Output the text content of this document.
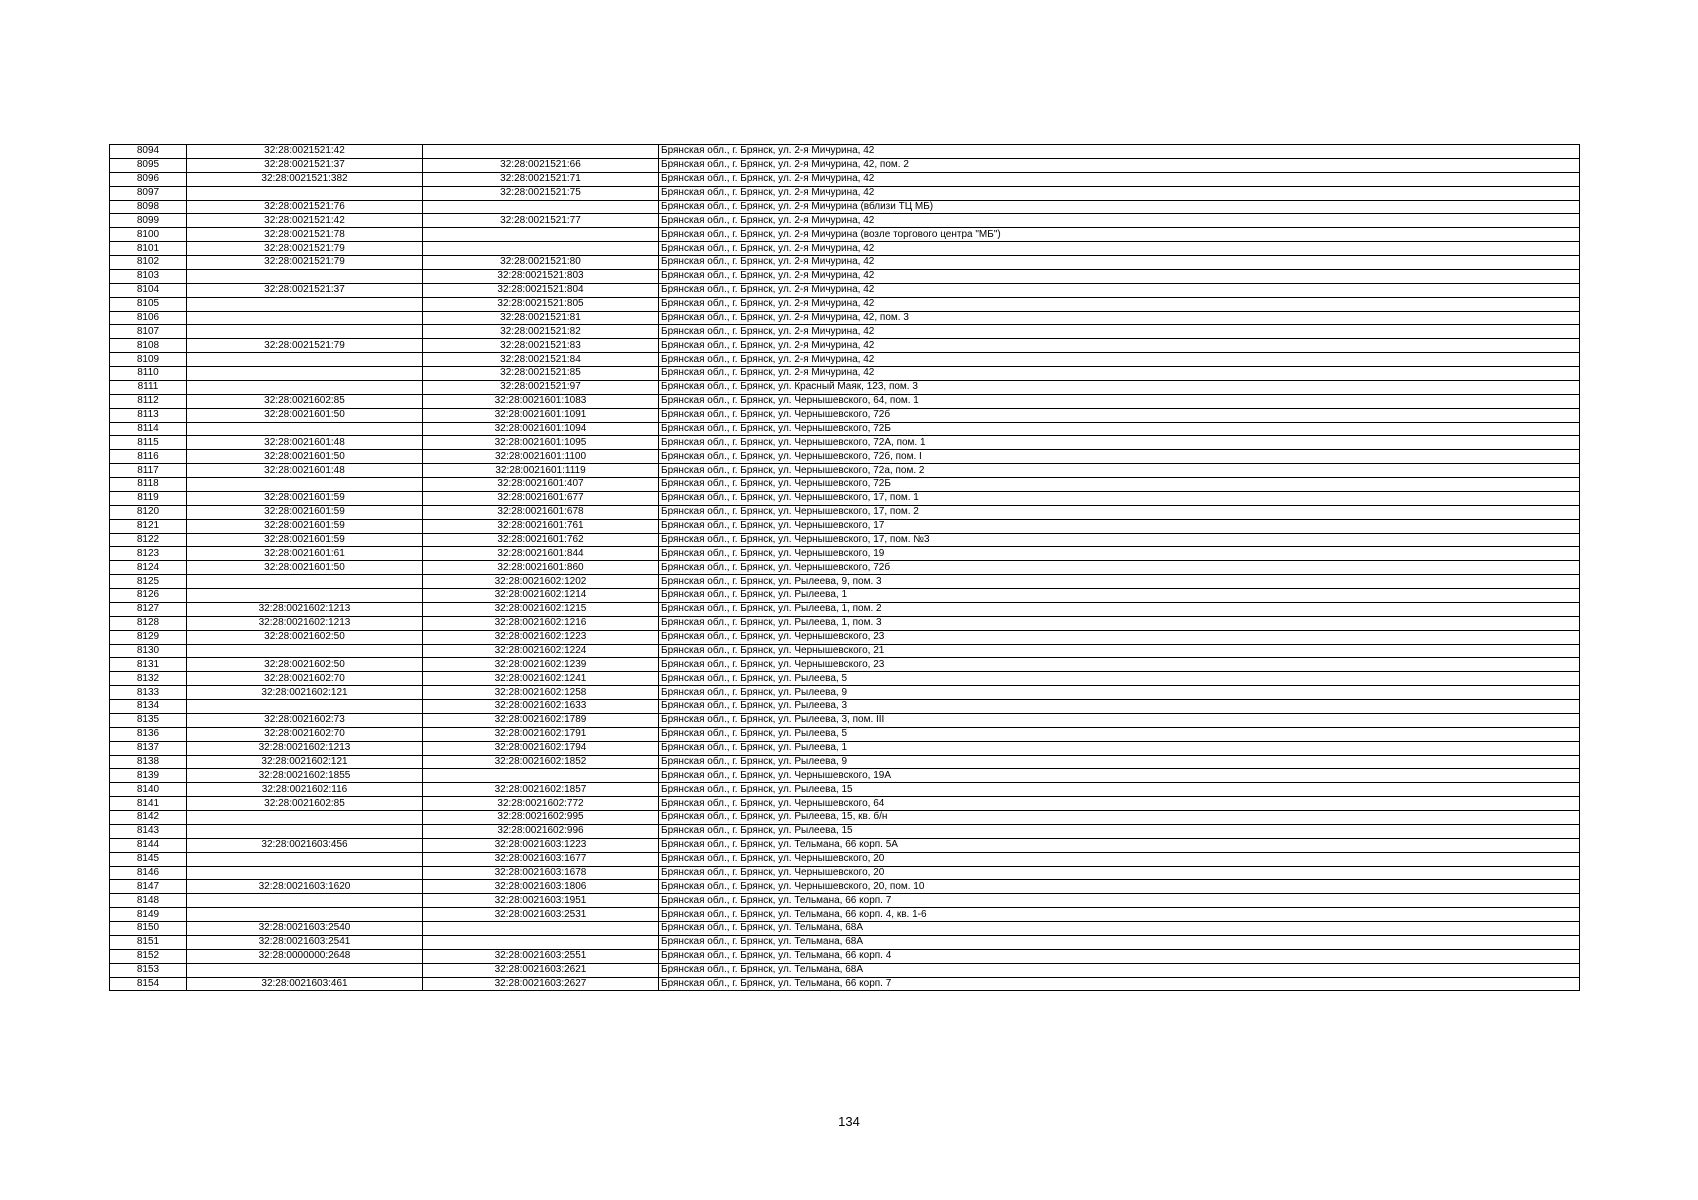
8094	32:28:0021521:42		Брянская обл., г. Брянск, ул. 2-я Мичурина, 42
8095	32:28:0021521:37	32:28:0021521:66	Брянская обл., г. Брянск, ул. 2-я Мичурина, 42, пом. 2
8096	32:28:0021521:382	32:28:0021521:71	Брянская обл., г. Брянск, ул. 2-я Мичурина, 42
8097		32:28:0021521:75	Брянская обл., г. Брянск, ул. 2-я Мичурина, 42
8098	32:28:0021521:76		Брянская обл., г. Брянск, ул. 2-я Мичурина (вблизи ТЦ МБ)
8099	32:28:0021521:42	32:28:0021521:77	Брянская обл., г. Брянск, ул. 2-я Мичурина, 42
8100	32:28:0021521:78		Брянская обл., г. Брянск, ул. 2-я Мичурина (возле торгового центра "МБ")
8101	32:28:0021521:79		Брянская обл., г. Брянск, ул. 2-я Мичурина, 42
8102	32:28:0021521:79	32:28:0021521:80	Брянская обл., г. Брянск, ул. 2-я Мичурина, 42
8103		32:28:0021521:803	Брянская обл., г. Брянск, ул. 2-я Мичурина, 42
8104	32:28:0021521:37	32:28:0021521:804	Брянская обл., г. Брянск, ул. 2-я Мичурина, 42
8105		32:28:0021521:805	Брянская обл., г. Брянск, ул. 2-я Мичурина, 42
8106		32:28:0021521:81	Брянская обл., г. Брянск, ул. 2-я Мичурина, 42, пом. 3
8107		32:28:0021521:82	Брянская обл., г. Брянск, ул. 2-я Мичурина, 42
8108	32:28:0021521:79	32:28:0021521:83	Брянская обл., г. Брянск, ул. 2-я Мичурина, 42
8109		32:28:0021521:84	Брянская обл., г. Брянск, ул. 2-я Мичурина, 42
8110		32:28:0021521:85	Брянская обл., г. Брянск, ул. 2-я Мичурина, 42
8111		32:28:0021521:97	Брянская обл., г. Брянск, ул. Красный Маяк, 123, пом. 3
8112	32:28:0021602:85	32:28:0021601:1083	Брянская обл., г. Брянск, ул. Чернышевского, 64, пом. 1
8113	32:28:0021601:50	32:28:0021601:1091	Брянская обл., г. Брянск, ул. Чернышевского, 72б
8114		32:28:0021601:1094	Брянская обл., г. Брянск, ул. Чернышевского, 72Б
8115	32:28:0021601:48	32:28:0021601:1095	Брянская обл., г. Брянск, ул. Чернышевского, 72А, пом. 1
8116	32:28:0021601:50	32:28:0021601:1100	Брянская обл., г. Брянск, ул. Чернышевского, 72б, пом. I
8117	32:28:0021601:48	32:28:0021601:1119	Брянская обл., г. Брянск, ул. Чернышевского, 72а, пом. 2
8118		32:28:0021601:407	Брянская обл., г. Брянск, ул. Чернышевского, 72Б
8119	32:28:0021601:59	32:28:0021601:677	Брянская обл., г. Брянск, ул. Чернышевского, 17, пом. 1
8120	32:28:0021601:59	32:28:0021601:678	Брянская обл., г. Брянск, ул. Чернышевского, 17, пом. 2
8121	32:28:0021601:59	32:28:0021601:761	Брянская обл., г. Брянск, ул. Чернышевского, 17
8122	32:28:0021601:59	32:28:0021601:762	Брянская обл., г. Брянск, ул. Чернышевского, 17, пом. №3
8123	32:28:0021601:61	32:28:0021601:844	Брянская обл., г. Брянск, ул. Чернышевского, 19
8124	32:28:0021601:50	32:28:0021601:860	Брянская обл., г. Брянск, ул. Чернышевского, 72б
8125		32:28:0021602:1202	Брянская обл., г. Брянск, ул. Рылеева, 9, пом. 3
8126		32:28:0021602:1214	Брянская обл., г. Брянск, ул. Рылеева, 1
8127	32:28:0021602:1213	32:28:0021602:1215	Брянская обл., г. Брянск, ул. Рылеева, 1, пом. 2
8128	32:28:0021602:1213	32:28:0021602:1216	Брянская обл., г. Брянск, ул. Рылеева, 1, пом. 3
8129	32:28:0021602:50	32:28:0021602:1223	Брянская обл., г. Брянск, ул. Чернышевского, 23
8130		32:28:0021602:1224	Брянская обл., г. Брянск, ул. Чернышевского, 21
8131	32:28:0021602:50	32:28:0021602:1239	Брянская обл., г. Брянск, ул. Чернышевского, 23
8132	32:28:0021602:70	32:28:0021602:1241	Брянская обл., г. Брянск, ул. Рылеева, 5
8133	32:28:0021602:121	32:28:0021602:1258	Брянская обл., г. Брянск, ул. Рылеева, 9
8134		32:28:0021602:1633	Брянская обл., г. Брянск, ул. Рылеева, 3
8135	32:28:0021602:73	32:28:0021602:1789	Брянская обл., г. Брянск, ул. Рылеева, 3, пом. III
8136	32:28:0021602:70	32:28:0021602:1791	Брянская обл., г. Брянск, ул. Рылеева, 5
8137	32:28:0021602:1213	32:28:0021602:1794	Брянская обл., г. Брянск, ул. Рылеева, 1
8138	32:28:0021602:121	32:28:0021602:1852	Брянская обл., г. Брянск, ул. Рылеева, 9
8139	32:28:0021602:1855		Брянская обл., г. Брянск, ул. Чернышевского, 19А
8140	32:28:0021602:116	32:28:0021602:1857	Брянская обл., г. Брянск, ул. Рылеева, 15
8141	32:28:0021602:85	32:28:0021602:772	Брянская обл., г. Брянск, ул. Чернышевского, 64
8142		32:28:0021602:995	Брянская обл., г. Брянск, ул. Рылеева, 15, кв. б/н
8143		32:28:0021602:996	Брянская обл., г. Брянск, ул. Рылеева, 15
8144	32:28:0021603:456	32:28:0021603:1223	Брянская обл., г. Брянск, ул. Тельмана, 66 корп. 5А
8145		32:28:0021603:1677	Брянская обл., г. Брянск, ул. Чернышевского, 20
8146		32:28:0021603:1678	Брянская обл., г. Брянск, ул. Чернышевского, 20
8147	32:28:0021603:1620	32:28:0021603:1806	Брянская обл., г. Брянск, ул. Чернышевского, 20, пом. 10
8148		32:28:0021603:1951	Брянская обл., г. Брянск, ул. Тельмана, 66 корп. 7
8149		32:28:0021603:2531	Брянская обл., г. Брянск, ул. Тельмана, 66 корп. 4, кв. 1-6
8150	32:28:0021603:2540		Брянская обл., г. Брянск, ул. Тельмана, 68А
8151	32:28:0021603:2541		Брянская обл., г. Брянск, ул. Тельмана, 68А
8152	32:28:0000000:2648	32:28:0021603:2551	Брянская обл., г. Брянск, ул. Тельмана, 66 корп. 4
8153		32:28:0021603:2621	Брянская обл., г. Брянск, ул. Тельмана, 68А
8154	32:28:0021603:461	32:28:0021603:2627	Брянская обл., г. Брянск, ул. Тельмана, 66 корп. 7
134
